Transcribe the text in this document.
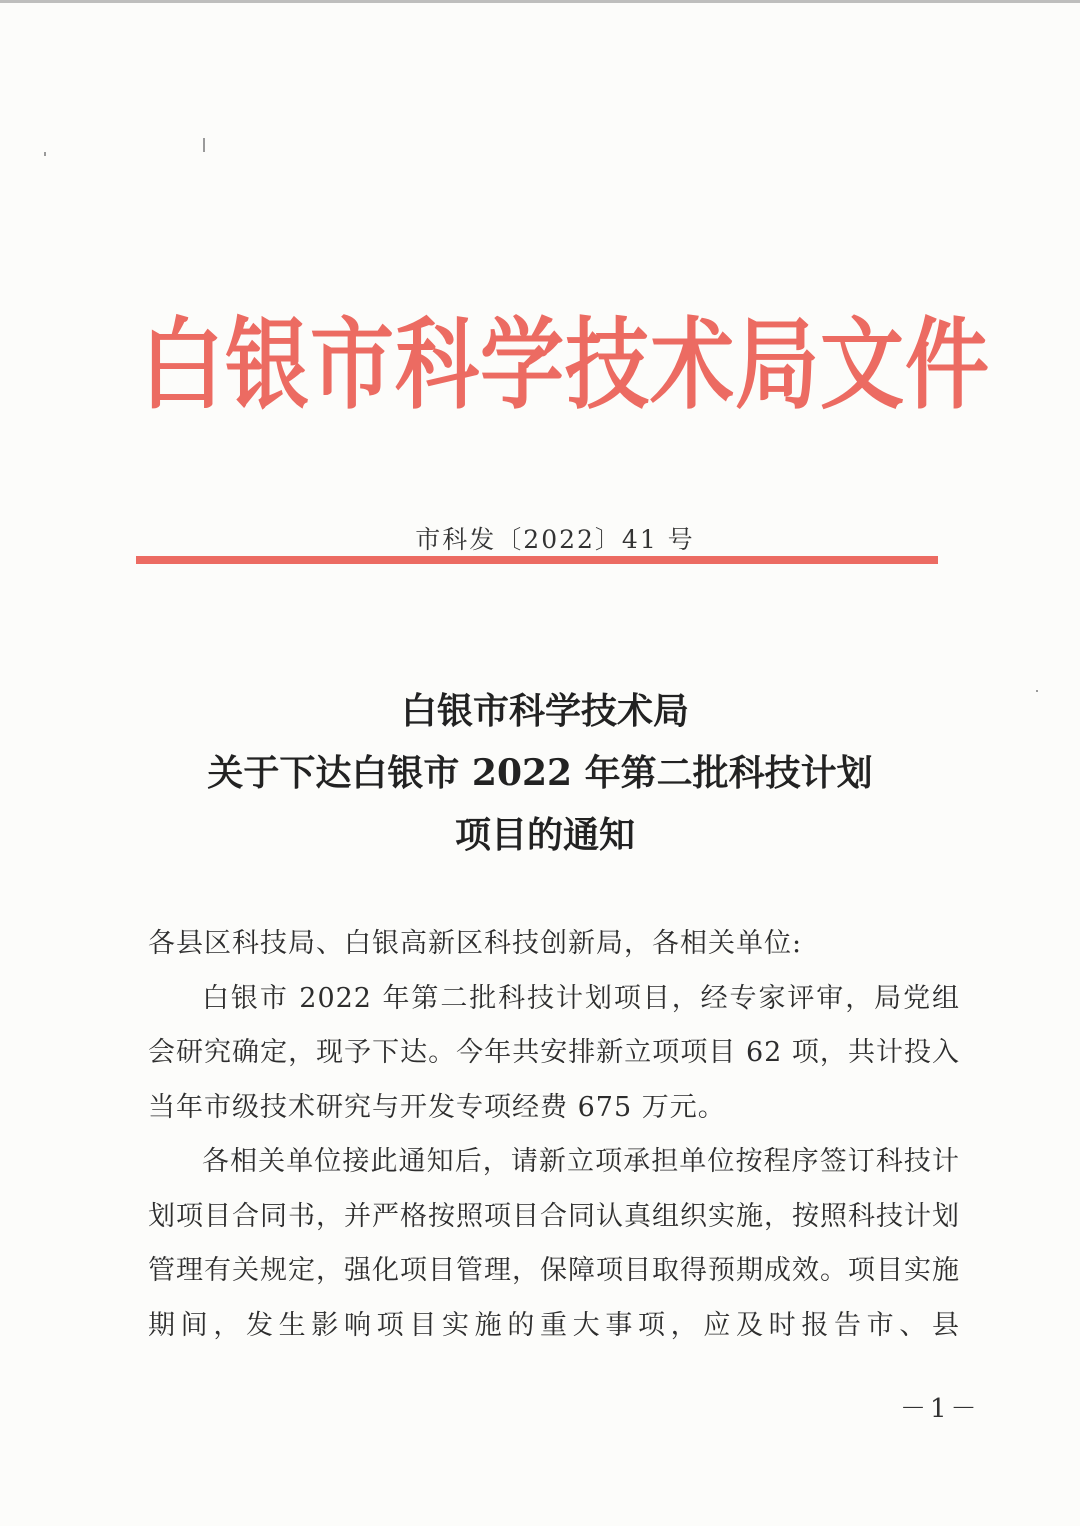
白银市科学技术局文件
市科发〔2022〕41 号
白银市科学技术局
关于下达白银市 2022 年第二批科技计划
项目的通知

各县区科技局、白银高新区科技创新局，各相关单位:

白银市 2022 年第二批科技计划项目，经专家评审，局党组会研究确定，现予下达。今年共安排新立项项目 62 项，共计投入当年市级技术研究与开发专项经费 675 万元。

各相关单位接此通知后，请新立项承担单位按程序签订科技计划项目合同书，并严格按照项目合同认真组织实施，按照科技计划管理有关规定，强化项目管理，保障项目取得预期成效。项目实施期间，发生影响项目实施的重大事项，应及时报告市、县

－1－
